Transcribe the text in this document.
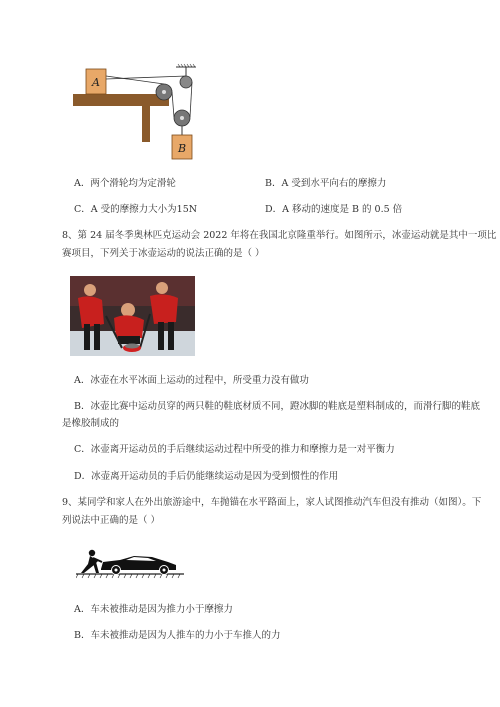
A
B
A．两个滑轮均为定滑轮	B．A 受到水平向右的摩擦力
C．A 受的摩擦力大小为15N	D．A 移动的速度是 B 的 0.5 倍
8、第 24 届冬季奥林匹克运动会 2022 年将在我国北京隆重举行。如图所示，冰壶运动就是其中一项比
赛项目，下列关于冰壶运动的说法正确的是（ ）
A．冰壶在水平冰面上运动的过程中，所受重力没有做功
B．冰壶比赛中运动员穿的两只鞋的鞋底材质不同，蹬冰脚的鞋底是塑料制成的，而滑行脚的鞋底
是橡胶制成的
C．冰壶离开运动员的手后继续运动过程中所受的推力和摩擦力是一对平衡力
D．冰壶离开运动员的手后仍能继续运动是因为受到惯性的作用
9、某同学和家人在外出旅游途中，车抛锚在水平路面上，家人试图推动汽车但没有推动（如图）。下
列说法中正确的是（ ）
A．车未被推动是因为推力小于摩擦力
B．车未被推动是因为人推车的力小于车推人的力
